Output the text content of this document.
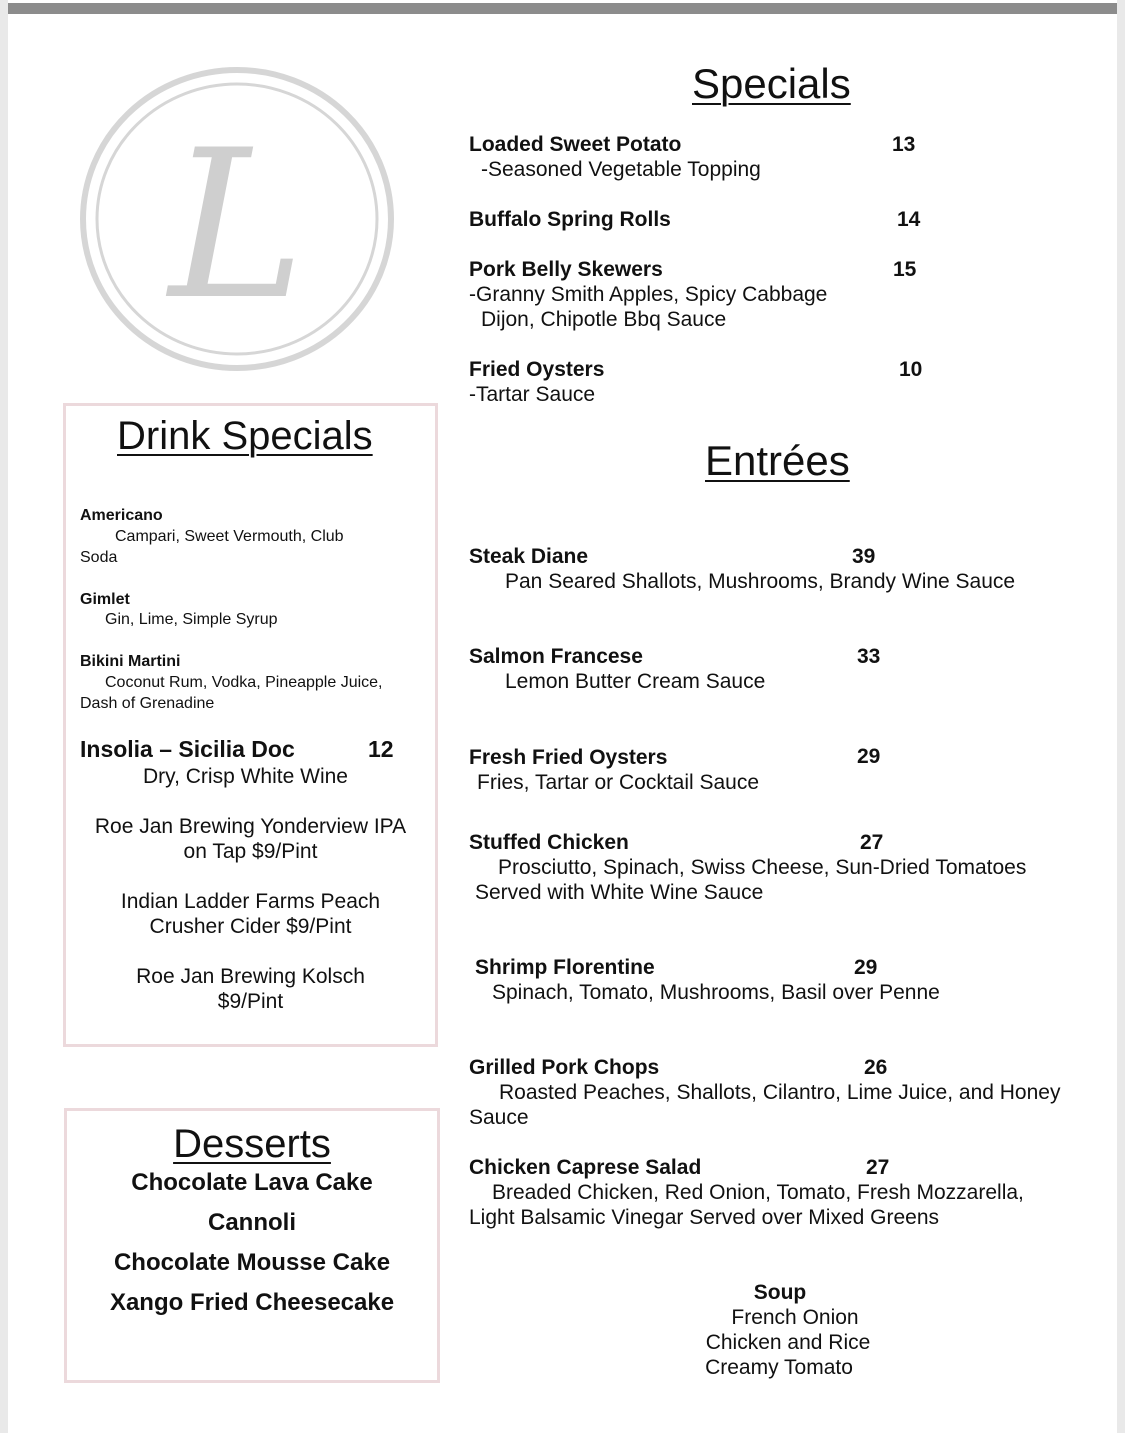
L
Drink Specials
Americano
Campari, Sweet Vermouth, Club
Soda
Gimlet
Gin, Lime, Simple Syrup
Bikini Martini
Coconut Rum, Vodka, Pineapple Juice,
Dash of Grenadine
Insolia – Sicilia Doc	12
Dry, Crisp White Wine
Roe Jan Brewing Yonderview IPA
on Tap $9/Pint
Indian Ladder Farms Peach
Crusher Cider $9/Pint
Roe Jan Brewing Kolsch
$9/Pint
Desserts
Chocolate Lava Cake
Cannoli
Chocolate Mousse Cake
Xango Fried Cheesecake
Specials
Loaded Sweet Potato	13
-Seasoned Vegetable Topping
Buffalo Spring Rolls	14
Pork Belly Skewers	15
-Granny Smith Apples, Spicy Cabbage
Dijon, Chipotle Bbq Sauce
Fried Oysters	10
-Tartar Sauce
Entrées
Steak Diane	39
Pan Seared Shallots, Mushrooms, Brandy Wine Sauce
Salmon Francese	33
Lemon Butter Cream Sauce
Fresh Fried Oysters	29
Fries, Tartar or Cocktail Sauce
Stuffed Chicken	27
Prosciutto, Spinach, Swiss Cheese, Sun-Dried Tomatoes
Served with White Wine Sauce
Shrimp Florentine	29
Spinach, Tomato, Mushrooms, Basil over Penne
Grilled Pork Chops	26
Roasted Peaches, Shallots, Cilantro, Lime Juice, and Honey
Sauce
Chicken Caprese Salad	27
Breaded Chicken, Red Onion, Tomato, Fresh Mozzarella,
Light Balsamic Vinegar Served over Mixed Greens
Soup
French Onion
Chicken and Rice
Creamy Tomato
